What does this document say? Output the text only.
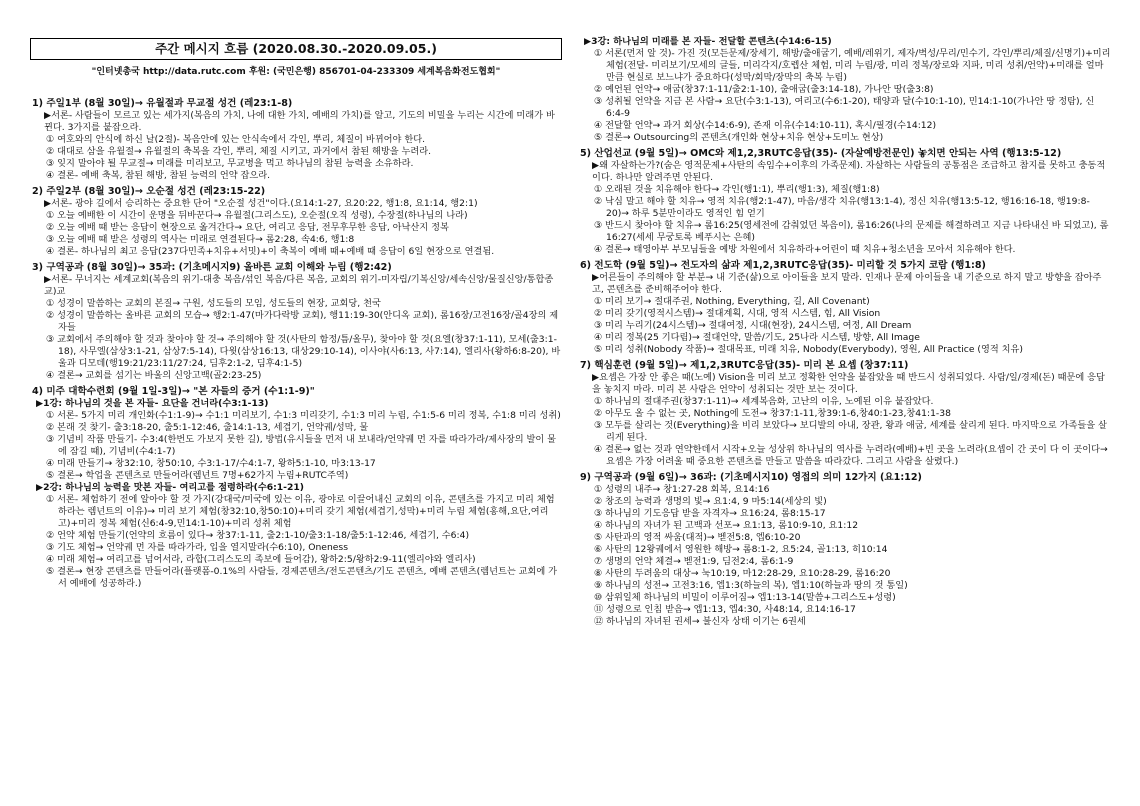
주간 메시지 흐름 (2020.08.30.-2020.09.05.)
"인터넷총국 http://data.rutc.com 후원: (국민은행) 856701-04-233309 세계복음화전도협회"
1) 주일1부 (8월 30일)→ 유월절과 무교절 성건 (레23:1-8)
▶서론- 사람들이 모르고 있는 세가지(복음의 가치, 나에 대한 가치, 예배의 가치)를 알고, 기도의 비밀을 누리는 시간에 미래가 바뀐다. 3가지를 붙잡으라.
① 여호와의 안식에 하신 날(2절)- 복음안에 있는 안식속에서 각인, 뿌리, 체질이 바뀌어야 한다.
② 대대로 삼을 유월절→ 유월절의 축복을 각인, 뿌리, 체질 시키고, 과거에서 참된 해방을 누려라.
③ 잊지 말아야 될 무교절→ 미래를 미리보고, 무교병을 먹고 하나님의 참된 능력을 소유하라.
④ 결론- 예배 축복, 참된 해방, 참된 능력의 언약 잡으라.
2) 주일2부 (8월 30일)→ 오순절 성건 (레23:15-22)
▶서론- 광야 길에서 승리하는 중요한 단어 "오순절 성건"이다.(요14:1-27, 요20:22, 행1:8, 요1:14, 행2:1)
① 오늘 예배한 이 시간이 운명을 뒤바꾼다→ 유월절(그리스도), 오순절(오직 성령), 수장절(하나님의 나라)
② 오늘 예배 때 받는 응답이 현장으로 옮겨간다→ 요단, 여리고 응답, 전무후무한 응답, 아낙산지 정복
③ 오늘 예배 때 받은 성령의 역사는 미래로 연결된다→ 롬2:28, 속4:6, 행1:8
④ 결론- 하나님의 최고 응답(237다민족+치유+서밋)+이 축복이 예배 때+예배 때 응답이 6일 현장으로 연결됨.
3) 구역공과 (8월 30일)→ 35과: (기초메시지9) 올바른 교회 이해와 누림 (행2:42)
▶서론- 무너지는 세계교회(복음의 위기-대충 복음/섞인 복음/다른 복음, 교회의 위기-미자립/기복신앙/세속신앙/물질신앙/통합종교)교
① 성경이 말씀하는 교회의 본질→ 구원, 성도들의 모임, 성도들의 현장, 교회당, 천국
② 성경이 말씀하는 올바른 교회의 모습→ 행2:1-47(마가다락방 교회), 행11:19-30(안디옥 교회), 롬16장/고전16장/골4장의 제자들
③ 교회에서 주의해야 할 것과 찾아야 할 것→ 주의해야 할 것(사탄의 함정/틈/올무), 찾아야 할 것(요엘(창37:1-11), 모세(출3:1-18), 사무엘(삼상3:1-21, 삼상7:5-14), 다윗(삼상16:13, 대상29:10-14), 이사야(사6:13, 사7:14), 엘리사(왕하6:8-20), 바울과 디모데(행19:21/23:11/27:24, 딤후2:1-2, 딤후4:1-5)
④ 결론→ 교회를 섬기는 바울의 신앙고백(골2:23-25)
4) 미주 대학수련회 (9월 1일-3일)→ "본 자들의 증거 (수1:1-9)"
▶1강: 하나님의 것을 본 자들- 요단을 건너라(수3:1-13)
① 서론- 5가지 미리 개인화(수1:1-9)→ 수1:1 미리보기, 수1:3 미리갖기, 수1:3 미리 누림, 수1:5-6 미리 정복, 수1:8 미리 성취)
② 본래 것 찾기- 출3:18-20, 출5:1-12:46, 출14:1-13, 세겹기, 언약궤/성막, 물
③ 기념비 작품 만들기- 수3:4(한번도 가보지 못한 길), 방법(유시들을 먼저 내 보내라/언약궤 먼 자를 따라가라/제사장의 발이 물에 잠길 때), 기념비(수4:1-7)
④ 미래 만들기→ 창32:10, 창50:10, 수3:1-17/수4:1-7, 왕하5:1-10, 마3:13-17
⑤ 결론→ 학업을 콘텐츠로 만들어라(렘넌트 7명+62가지 누림+RUTC주역)
▶2강: 하나님의 능력을 맛본 자들- 여리고를 점령하라(수6:1-21)
① 서론- 체험하기 전에 알아야 할 것 가지(강대국/미국에 있는 이유, 광야로 이끌어내신 교회의 이유, 콘텐츠를 가지고 미리 체험하라는 렘넌트의 이유)→ 미리 보기 체험(창32:10,창50:10)+미리 갖기 체험(세겹기,성막)+미리 누림 체험(홍해,요단,여리고)+미리 정복 체험(신6:4-9,민14:1-10)+미리 성취 체험
② 언약 체험 만들기(언약의 흐름이 있다→ 창37:1-11, 출2:1-10/출3:1-18/출5:1-12:46, 세겹기, 수6:4)
③ 기도 체험→ 언약궤 먼 자를 따라가라, 입을 열지말라(수6:10), Oneness
④ 미래 체험→ 여리고를 넘어서라, 라합(그리스도의 족보에 들어감), 왕하2:5/왕하2:9-11(엘리야와 엘리사)
⑤ 결론→ 현장 콘텐츠를 만들어라(플랫폼-0.1%의 사람들, 경제콘텐츠/전도콘텐츠/기도 콘텐츠, 예배 콘텐츠(렘넌트는 교회에 가서 예배에 성공하라.)
▶3강: 하나님의 미래를 본 자들- 전달할 콘텐츠(수14:6-15)
① 서론(먼저 알 것)- 가진 것(모든문제/장세기, 해방/출애굽기, 예배/레위기, 제자/벽성/무리/민수기, 각인/뿌리/체질/신명기)+미리 체험(전달- 미리보기/모세의 글들, 미리각지/호렙산 체험, 미리 누림/광, 미리 정복/장로와 지파, 미리 성취/언약)+미래를 얼마만큼 현실로 보느냐가 중요하다(성막/회막/장막의 축복 누림)
② 예언된 언약→ 애굽(창37:1-11/출2:1-10), 출애굽(출3:14-18), 가나안 땅(출3:8)
③ 성취될 언약을 지금 본 사람→ 요단(수3:1-13), 여리고(수6:1-20), 태양과 달(수10:1-10), 민14:1-10(가나안 땅 정탐), 신6:4-9
④ 전달할 언약→ 과거 회상(수14:6-9), 존재 이유(수14:10-11), 혹시/필경(수14:12)
⑤ 결론→ Outsourcing의 콘텐츠(개인화 현상+치유 현상+도미노 현상)
5) 산업선교 (9월 5일)→ OMC와 제1,2,3RUTC응답(35)- (자살예방전문인) 놓치면 안되는 사역 (행13:5-12)
▶왜 자살하는가?(숨은 영적문제+사탄의 속임수+이후의 가족문제). 자살하는 사람들의 공통점은 조급하고 참지를 못하고 충동적이다. 하나만 알려주면 안된다.
① 오래된 것을 치유해야 한다→ 각인(행1:1), 뿌리(행1:3), 체질(행1:8)
② 낙심 말고 해야 할 치유→ 영적 치유(행2:1-47), 마음/생각 치유(행13:1-4), 정신 치유(행13:5-12, 행16:16-18, 행19:8-20)→ 하루 5분만이라도 영적인 힘 얻기
③ 반드시 찾아야 할 치유→ 롬16:25(영세전에 감춰었던 복음이), 롬16:26(나의 문제를 해결하려고 지금 나타내신 바 되었고), 롬16:27(세세 무궁토록 베푸시는 은혜)
④ 결론→ 태영아부 부모님들을 예방 차원에서 치유하라+어린이 때 치유+청소년을 모아서 치유해야 한다.
6) 전도학 (9월 5일)→ 전도자의 삶과 제1,2,3RUTC응답(35)- 미리할 것 5가지 코람 (행1:8)
▶어른들이 주의해야 할 부분→ 내 기준(삶)으로 아이들을 보지 말라. 인재나 문제 아이들을 내 기준으로 하지 말고 방향을 잡아주고, 콘텐츠를 준비해주어야 한다.
① 미리 보기→ 절대주권, Nothing, Everything, 길, All Covenant)
② 미리 갖기(영적시스템)→ 절대계획, 시대, 영적 시스템, 힘, All Vision
③ 미리 누리기(24시스템)→ 절대여정, 시대(현장), 24시스템, 여정, All Dream
④ 미리 정복(25 기다림)→ 절대언약, 말씀/기도, 25나라 시스템, 방향, All Image
⑤ 미리 성취(Nobody 작품)→ 절대목표, 미래 치유, Nobody(Everybody), 영원, All Practice (영적 치유)
7) 핵심훈련 (9월 5일)→ 제1,2,3RUTC응답(35)- 미리 본 요셉 (창37:11)
▶요셉은 가장 안 좋은 때(노예) Vision을 미리 보고 정확한 언약을 붙잡았을 때 반드시 성취되었다. 사람/일/경제(돈) 때문에 응답을 놓치지 마라. 미리 본 사람은 언약이 성취되는 것만 보는 것이다.
① 하나님의 절대주권(창37:1-11)→ 세계복음화, 고난의 이유, 노예된 이유 붙잡았다.
② 아무도 올 수 없는 곳, Nothing에 도전→ 창37:1-11,창39:1-6,창40:1-23,창41:1-38
③ 모두를 살리는 것(Everything)을 비리 보았다→ 보디발의 아내, 장관, 왕과 애굽, 세계를 살리게 된다. 마지막으로 가족들을 살리게 된다.
④ 결론→ 없는 것과 연약한데서 시작+오늘 성상위 하나님의 역사를 누려라(예배)+빈 곳을 노려라(요셉이 간 곳이 다 이 곳이다→ 요셉은 가장 어려울 때 중요한 콘텐츠를 만들고 말씀을 따라갔다. 그리고 사람을 살렸다.)
9) 구역공과 (9월 6일)→ 36과: (기초메시지10) 영접의 의미 12가지 (요1:12)
① 성령의 내주→ 창1:27-28 회복, 요14:16
② 창조의 능력과 생명의 빛→ 요1:4, 9 마5:14(세상의 빛)
③ 하나님의 기도응답 받을 자격자→ 요16:24, 롬8:15-17
④ 하나님의 자녀가 된 고백과 선포→ 요1:13, 롬10:9-10, 요1:12
⑤ 사탄과의 영적 싸움(대적)→ 벧전5:8, 엡6:10-20
⑥ 사탄의 12왕궤에서 영원한 해방→ 롬8:1-2, 요5:24, 골1:13, 히10:14
⑦ 생명의 언약 체결→ 벧전1:9, 딤전2:4, 롬6:1-9
⑧ 사탄의 두려움의 대상→ 눅10:19, 마12:28-29, 요10:28-29, 롬16:20
⑨ 하나님의 성전→ 고전3:16, 엡1:3(하늘의 복), 엡1:10(하늘과 땅의 것 통일)
⑩ 삼위일체 하나님의 비밀이 이루어짐→ 엡1:13-14(말씀+그리스도+성령)
⑪ 성령으로 인침 받음→ 엡1:13, 엡4:30, 사48:14, 요14:16-17
⑫ 하나님의 자녀된 권세→ 불신자 상태 이기는 6권세
